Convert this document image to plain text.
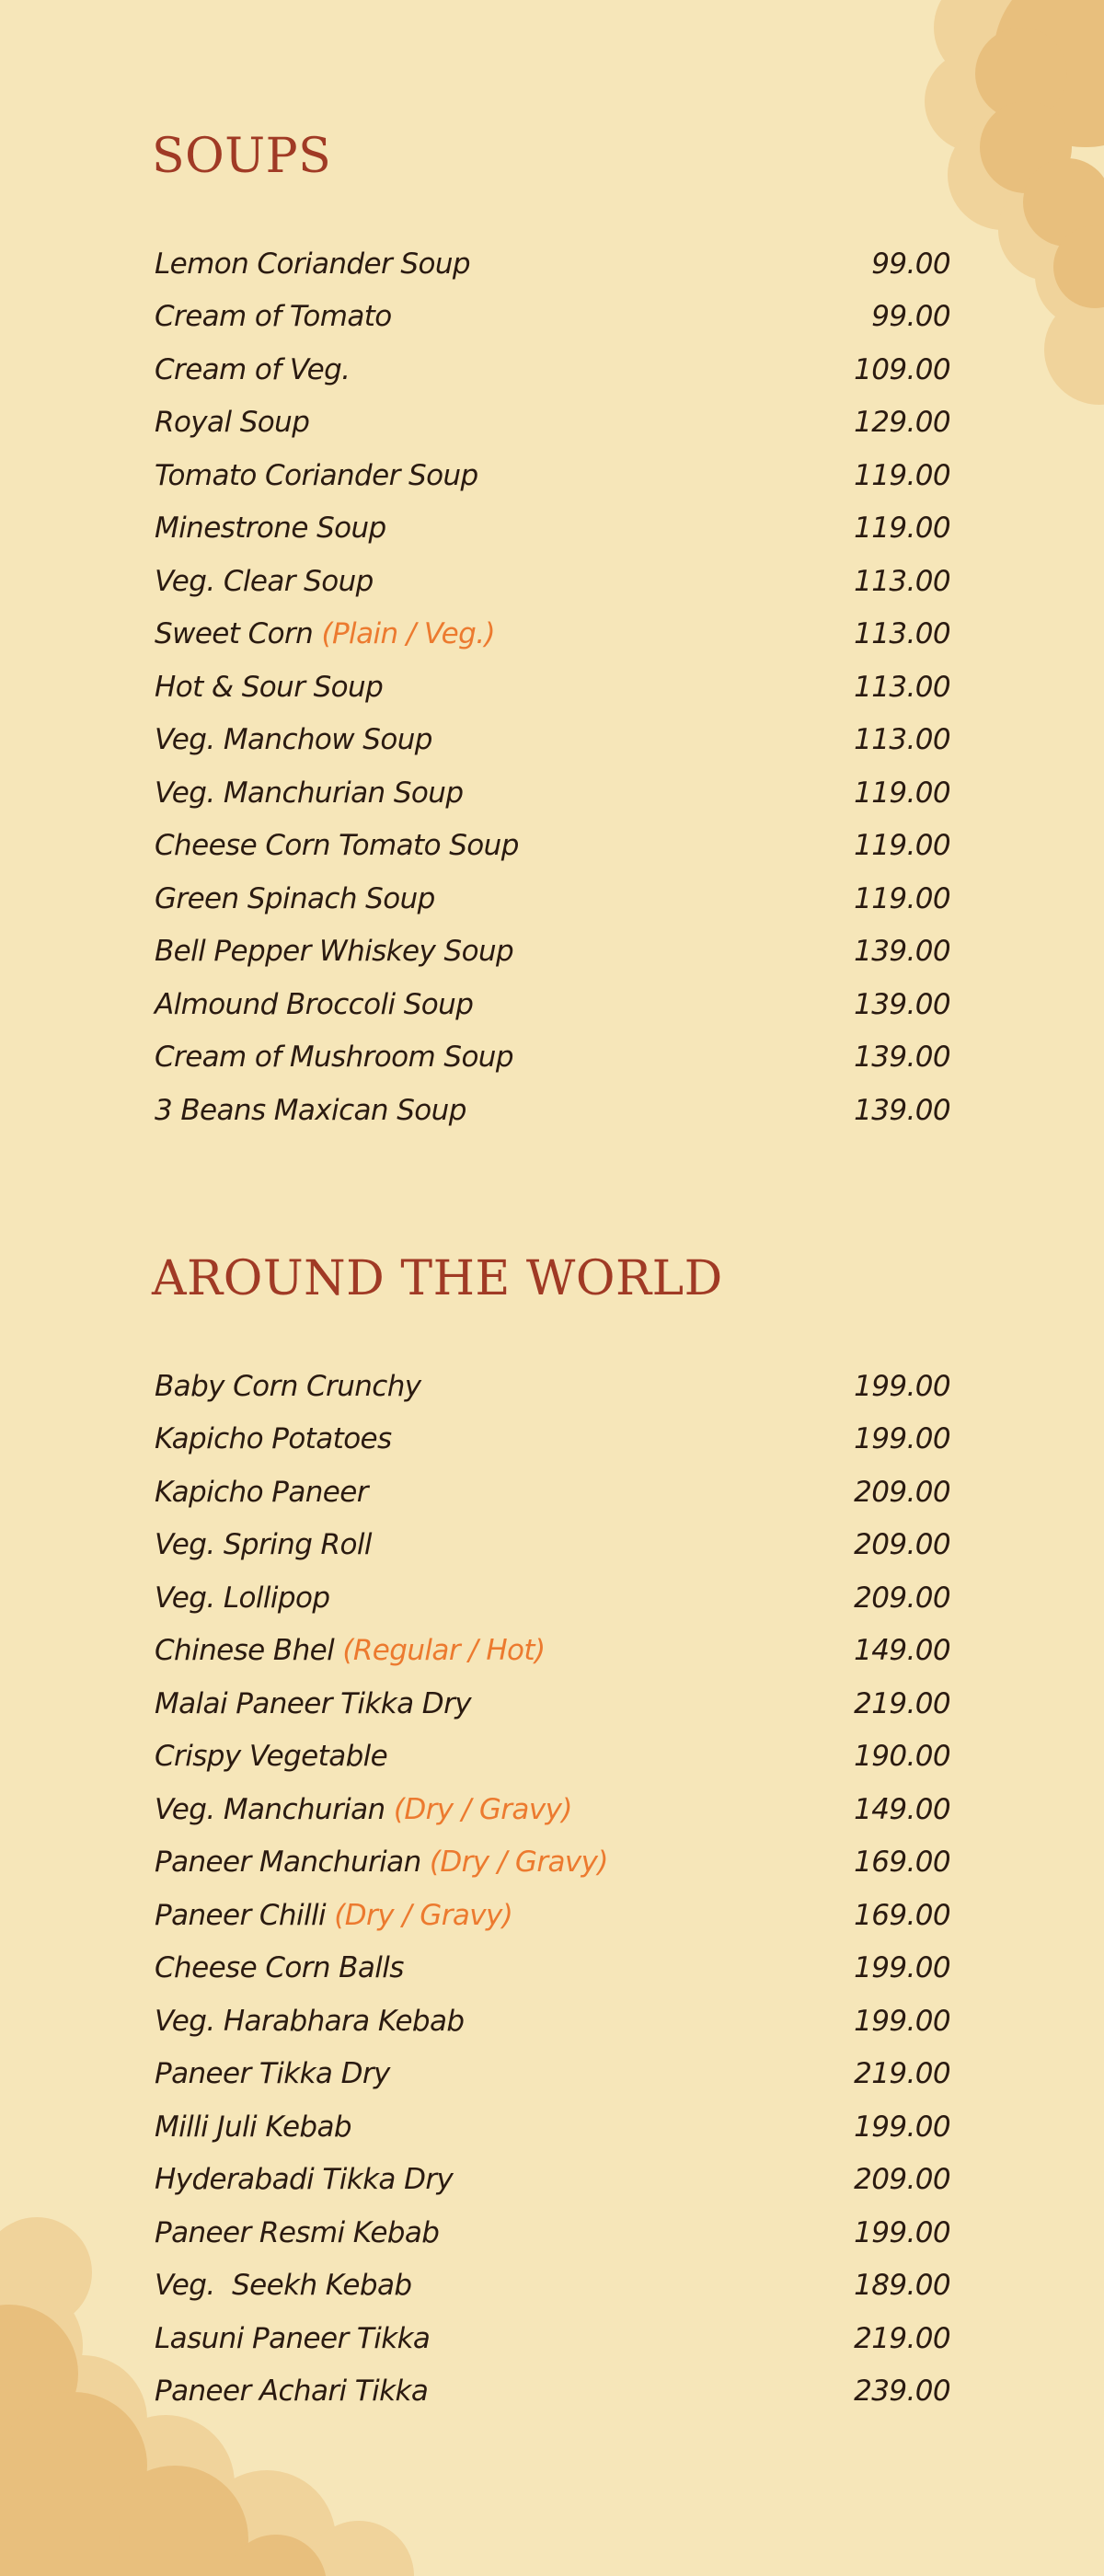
SOUPS
Lemon Coriander Soup	99.00
Cream of Tomato	99.00
Cream of Veg.	109.00
Royal Soup	129.00
Tomato Coriander Soup	119.00
Minestrone Soup	119.00
Veg. Clear Soup	113.00
Sweet Corn (Plain / Veg.)	113.00
Hot & Sour Soup	113.00
Veg. Manchow Soup	113.00
Veg. Manchurian Soup	119.00
Cheese Corn Tomato Soup	119.00
Green Spinach Soup	119.00
Bell Pepper Whiskey Soup	139.00
Almound Broccoli Soup	139.00
Cream of Mushroom Soup	139.00
3 Beans Maxican Soup	139.00
AROUND THE WORLD
Baby Corn Crunchy	199.00
Kapicho Potatoes	199.00
Kapicho Paneer	209.00
Veg. Spring Roll	209.00
Veg. Lollipop	209.00
Chinese Bhel (Regular / Hot)	149.00
Malai Paneer Tikka Dry	219.00
Crispy Vegetable	190.00
Veg. Manchurian (Dry / Gravy)	149.00
Paneer Manchurian (Dry / Gravy)	169.00
Paneer Chilli (Dry / Gravy)	169.00
Cheese Corn Balls	199.00
Veg. Harabhara Kebab	199.00
Paneer Tikka Dry	219.00
Milli Juli Kebab	199.00
Hyderabadi Tikka Dry	209.00
Paneer Resmi Kebab	199.00
Veg.  Seekh Kebab	189.00
Lasuni Paneer Tikka	219.00
Paneer Achari Tikka	239.00
